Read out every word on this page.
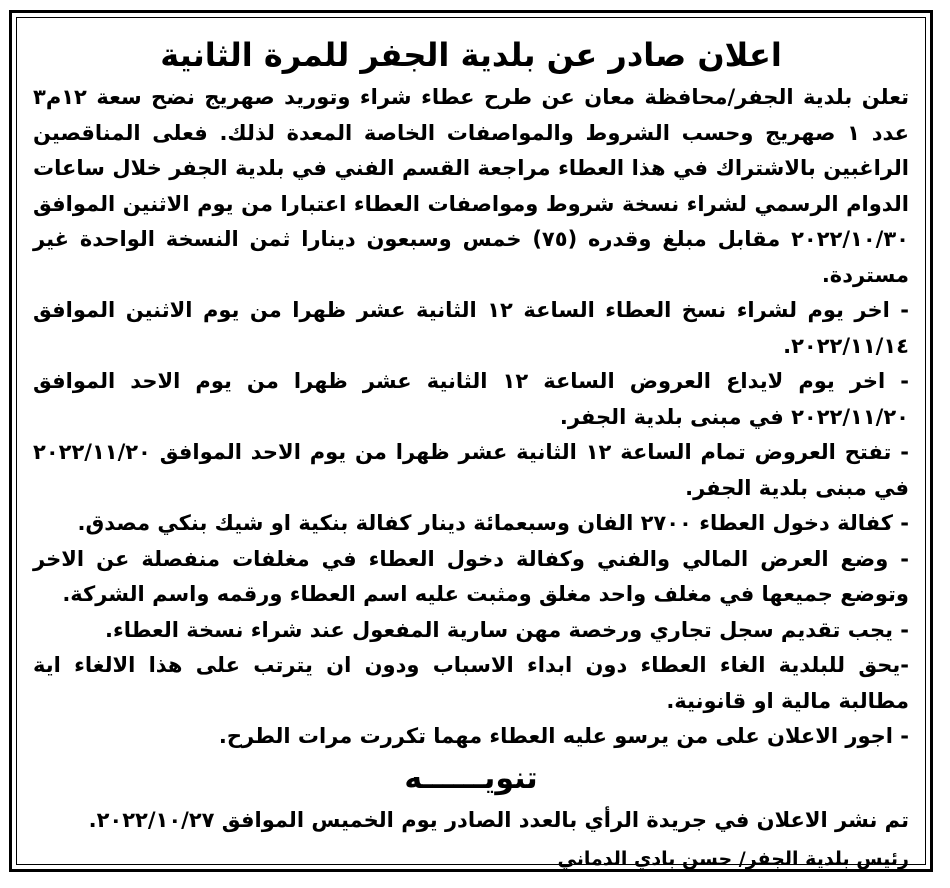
اعلان صادر عن بلدية الجفر للمرة الثانية

تعلن بلدية الجفر/محافظة معان عن طرح عطاء شراء وتوريد صهريج نضح سعة ١٢م٣ عدد ١ صهريج وحسب الشروط والمواصفات الخاصة المعدة لذلك. فعلى المناقصين الراغبين بالاشتراك في هذا العطاء مراجعة القسم الفني في بلدية الجفر خلال ساعات الدوام الرسمي لشراء نسخة شروط ومواصفات العطاء اعتبارا من يوم الاثنين الموافق ٢٠٢٢/١٠/٣٠ مقابل مبلغ وقدره (٧٥) خمس وسبعون دينارا ثمن النسخة الواحدة غير مستردة.

- اخر يوم لشراء نسخ العطاء الساعة ١٢ الثانية عشر ظهرا من يوم الاثنين الموافق ٢٠٢٢/١١/١٤.
- اخر يوم لايداع العروض الساعة ١٢ الثانية عشر ظهرا من يوم الاحد الموافق ٢٠٢٢/١١/٢٠ في مبنى بلدية الجفر.
- تفتح العروض تمام الساعة ١٢ الثانية عشر ظهرا من يوم الاحد الموافق ٢٠٢٢/١١/٢٠ في مبنى بلدية الجفر.
- كفالة دخول العطاء ٢٧٠٠ الفان وسبعمائة دينار كفالة بنكية او شيك بنكي مصدق.
- وضع العرض المالي والفني وكفالة دخول العطاء في مغلفات منفصلة عن الاخر وتوضع جميعها في مغلف واحد مغلق ومثبت عليه اسم العطاء ورقمه واسم الشركة.
- يجب تقديم سجل تجاري ورخصة مهن سارية المفعول عند شراء نسخة العطاء.
-يحق للبلدية الغاء العطاء دون ابداء الاسباب ودون ان يترتب على هذا الالغاء اية مطالبة مالية او قانونية.
- اجور الاعلان على من يرسو عليه العطاء مهما تكررت مرات الطرح.
تنويــــــه

تم نشر الاعلان في جريدة الرأي بالعدد الصادر يوم الخميس الموافق ٢٠٢٢/١٠/٢٧.

رئيس بلدية الجفر/ حسن بادي الدماني
